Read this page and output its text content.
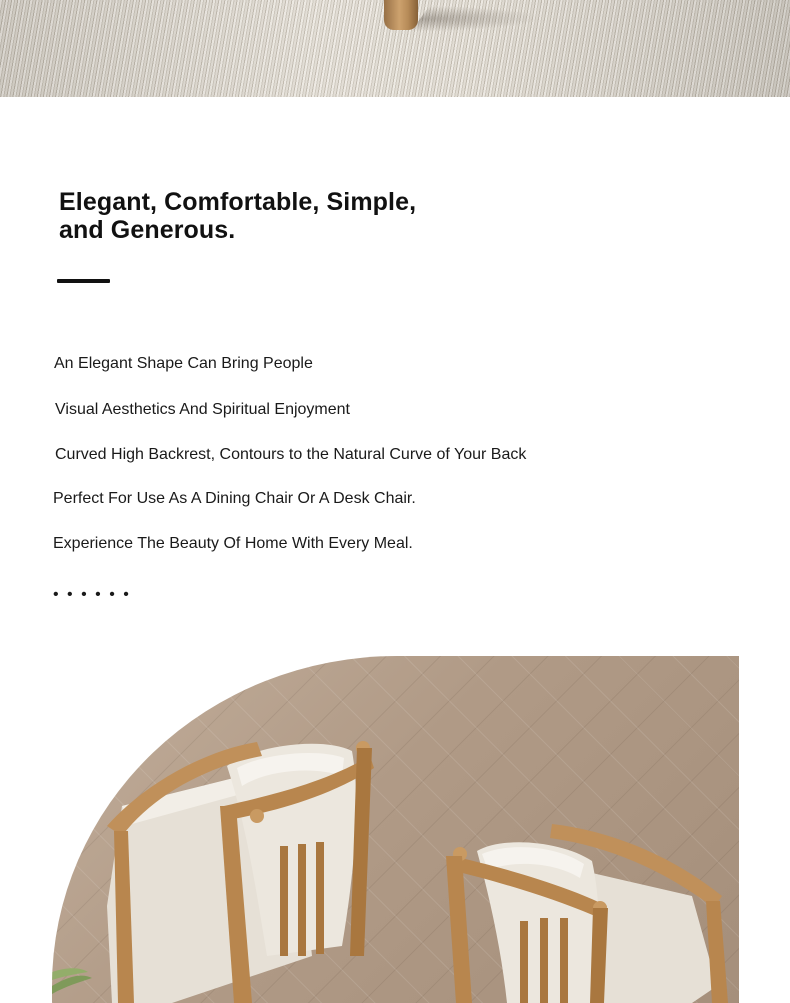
Elegant, Comfortable, Simple,
and Generous.

An Elegant Shape Can Bring People

Visual Aesthetics And Spiritual Enjoyment

Curved High Backrest, Contours to the Natural Curve of Your Back

Perfect For Use As A Dining Chair Or A Desk Chair.

Experience The Beauty Of Home With Every Meal.

• • • • • •
